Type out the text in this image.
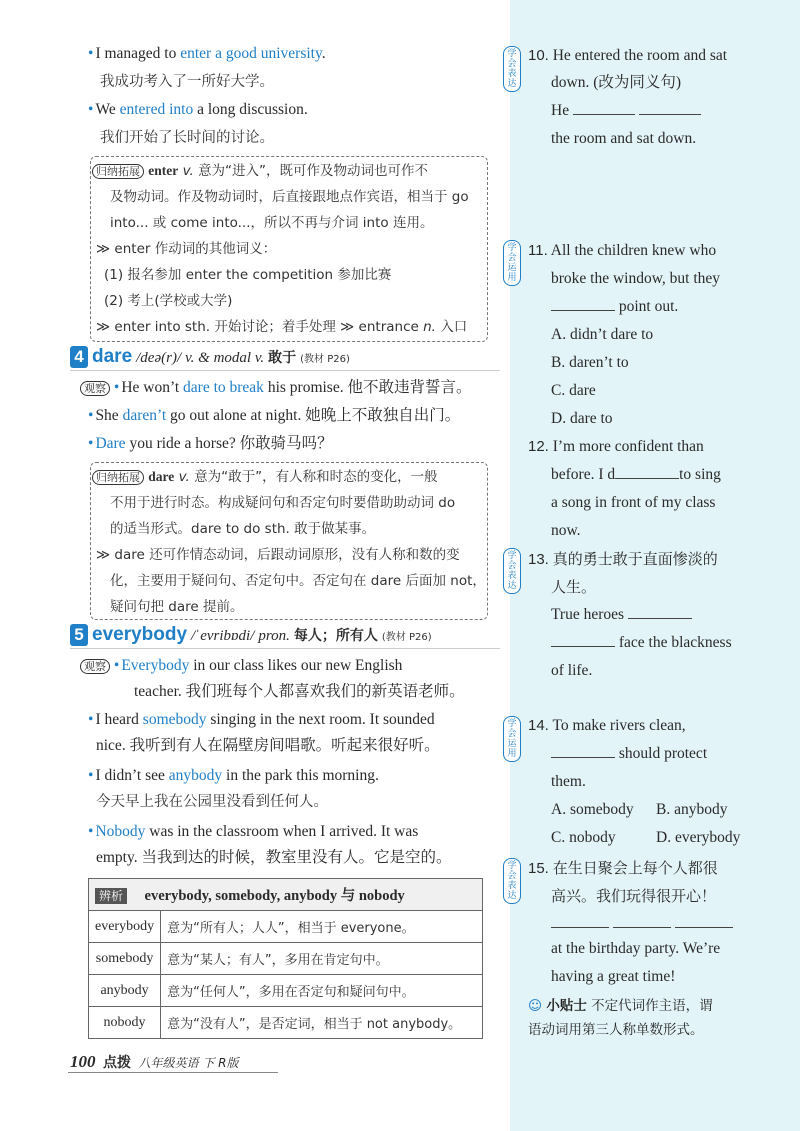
• I managed to enter a good university.
我成功考入了一所好大学。
• We entered into a long discussion.
我们开始了长时间的讨论。
归纳拓展 enter v. 意为“进入”，既可作及物动词也可作不
及物动词。作及物动词时，后直接跟地点作宾语，相当于 go
into... 或 come into...，所以不再与介词 into 连用。
≫ enter 作动词的其他词义：
(1) 报名参加 enter the competition 参加比赛
(2) 考上(学校或大学)
≫ enter into sth. 开始讨论；着手处理 ≫ entrance n. 入口
4 dare /deə(r)/ v. & modal v. 敢于 (教材 P26)
观察 • He won’t dare to break his promise. 他不敢违背誓言。
• She daren’t go out alone at night. 她晚上不敢独自出门。
• Dare you ride a horse? 你敢骑马吗？
归纳拓展 dare v. 意为“敢于”，有人称和时态的变化，一般
不用于进行时态。构成疑问句和否定句时要借助助动词 do
的适当形式。dare to do sth. 敢于做某事。
≫ dare 还可作情态动词，后跟动词原形，没有人称和数的变
化，主要用于疑问句、否定句中。否定句在 dare 后面加 not，
疑问句把 dare 提前。
5 everybody /ˈevribɒdi/ pron. 每人；所有人 (教材 P26)
观察 • Everybody in our class likes our new English
teacher. 我们班每个人都喜欢我们的新英语老师。
• I heard somebody singing in the next room. It sounded
nice. 我听到有人在隔壁房间唱歌。听起来很好听。
• I didn’t see anybody in the park this morning.
今天早上我在公园里没看到任何人。
• Nobody was in the classroom when I arrived. It was
empty. 当我到达的时候，教室里没有人。它是空的。
辨析 everybody, somebody, anybody 与 nobody	
everybody	意为“所有人；人人”，相当于 everyone。
somebody	意为“某人；有人”，多用在肯定句中。
anybody	意为“任何人”，多用在否定句和疑问句中。
nobody	意为“没有人”，是否定词，相当于 not anybody。
100 点拨 八年级英语 下 R版
学会表达
10. He entered the room and sat
down. (改为同义句)
He
the room and sat down.
学会运用
11. All the children knew who
broke the window, but they
point out.
A. didn’t dare to
B. daren’t to
C. dare
D. dare to
12. I’m more confident than
before. I d	to sing
a song in front of my class
now.
学会表达
13. 真的勇士敢于直面惨淡的
人生。
True heroes
face the blackness
of life.
学会运用
14. To make rivers clean,
should protect
them.
A. somebody B. anybody
C. nobody	D. everybody
学会表达
15. 在生日聚会上每个人都很
高兴。我们玩得很开心！

at the birthday party. We’re
having a great time!
☺ 小贴士 不定代词作主语，谓
语动词用第三人称单数形式。
